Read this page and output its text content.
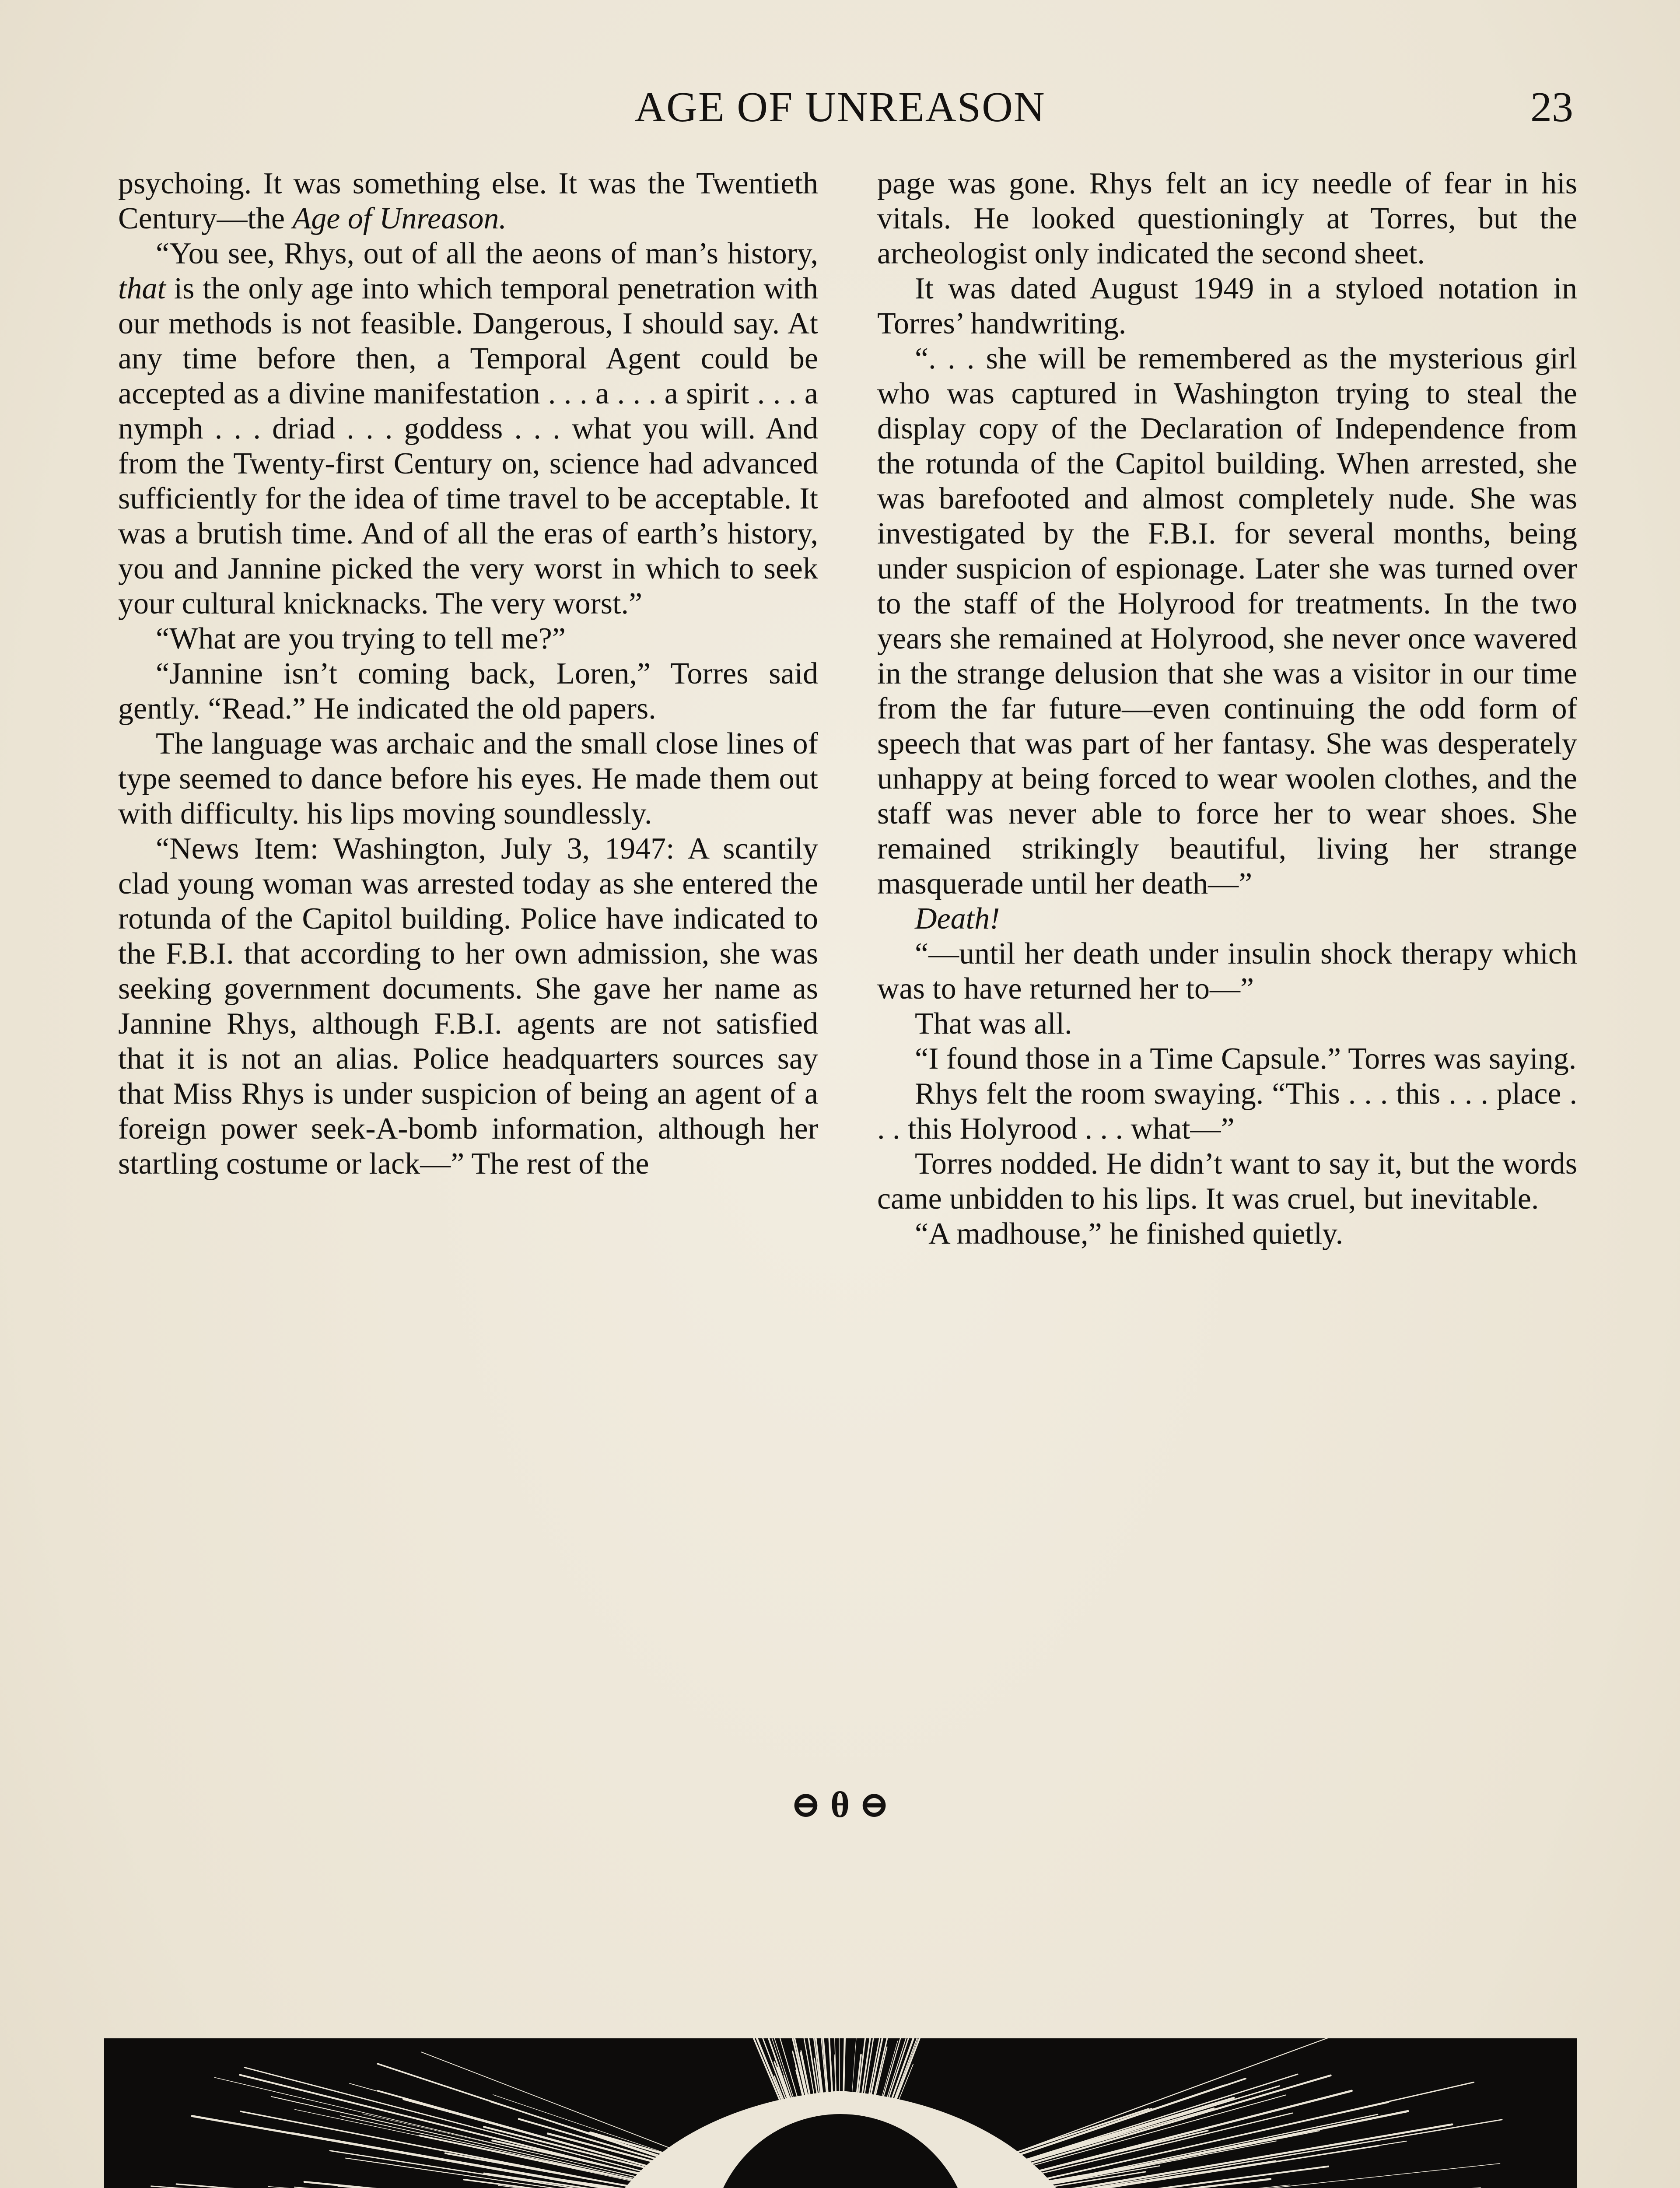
AGE OF UNREASON	23

psychoing. It was something else. It was the Twentieth Century—the Age of Unreason.

“You see, Rhys, out of all the aeons of man’s history, that is the only age into which temporal penetration with our methods is not feasible. Dangerous, I should say. At any time before then, a Temporal Agent could be accepted as a divine manifestation . . . a . . . a spirit . . . a nymph . . . driad . . . goddess . . . what you will. And from the Twenty-first Century on, science had advanced sufficiently for the idea of time travel to be acceptable. It was a brutish time. And of all the eras of earth’s history, you and Jannine picked the very worst in which to seek your cultural knicknacks. The very worst.”

“What are you trying to tell me?”

“Jannine isn’t coming back, Loren,” Torres said gently. “Read.” He indicated the old papers.

The language was archaic and the small close lines of type seemed to dance before his eyes. He made them out with difficulty. his lips moving soundlessly.

“News Item: Washington, July 3, 1947: A scantily clad young woman was arrested today as she entered the rotunda of the Capitol building. Police have indicated to the F.B.I. that according to her own admission, she was seeking government documents. She gave her name as Jannine Rhys, although F.B.I. agents are not satisfied that it is not an alias. Police headquarters sources say that Miss Rhys is under suspicion of being an agent of a foreign power seek-A-bomb information, although her startling costume or lack—” The rest of the

page was gone. Rhys felt an icy needle of fear in his vitals. He looked questioningly at Torres, but the archeologist only indicated the second sheet.

It was dated August 1949 in a styloed notation in Torres’ handwriting.

“. . . she will be remembered as the mysterious girl who was captured in Washington trying to steal the display copy of the Declaration of Independence from the rotunda of the Capitol building. When arrested, she was barefooted and almost completely nude. She was investigated by the F.B.I. for several months, being under suspicion of espionage. Later she was turned over to the staff of the Holyrood for treatments. In the two years she remained at Holyrood, she never once wavered in the strange delusion that she was a visitor in our time from the far future—even continuing the odd form of speech that was part of her fantasy. She was desperately unhappy at being forced to wear woolen clothes, and the staff was never able to force her to wear shoes. She remained strikingly beautiful, living her strange masquerade until her death—”

Death!

“—until her death under insulin shock therapy which was to have returned her to—”

That was all.

“I found those in a Time Capsule.” Torres was saying.

Rhys felt the room swaying. “This . . . this . . . place . . . this Holyrood . . . what—”

Torres nodded. He didn’t want to say it, but the words came unbidden to his lips. It was cruel, but inevitable.

“A madhouse,” he finished quietly.

⊖ θ ⊖
